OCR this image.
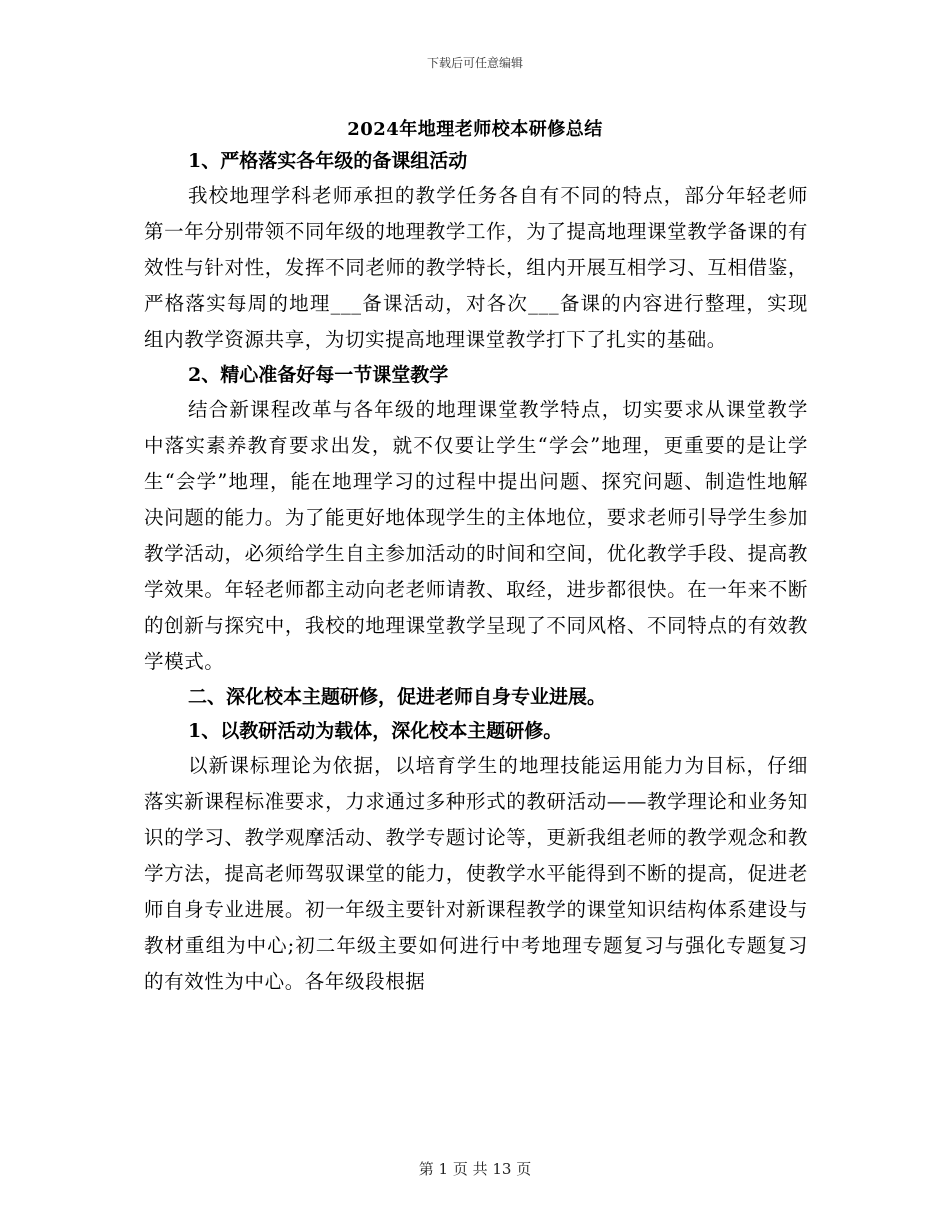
下载后可任意编辑
2024年地理老师校本研修总结

1、严格落实各年级的备课组活动

我校地理学科老师承担的教学任务各自有不同的特点，部分年轻老师第一年分别带领不同年级的地理教学工作，为了提高地理课堂教学备课的有效性与针对性，发挥不同老师的教学特长，组内开展互相学习、互相借鉴，严格落实每周的地理___备课活动，对各次___备课的内容进行整理，实现组内教学资源共享，为切实提高地理课堂教学打下了扎实的基础。

2、精心准备好每一节课堂教学

结合新课程改革与各年级的地理课堂教学特点，切实要求从课堂教学中落实素养教育要求出发，就不仅要让学生“学会”地理，更重要的是让学生“会学”地理，能在地理学习的过程中提出问题、探究问题、制造性地解决问题的能力。为了能更好地体现学生的主体地位，要求老师引导学生参加教学活动，必须给学生自主参加活动的时间和空间，优化教学手段、提高教学效果。年轻老师都主动向老老师请教、取经，进步都很快。在一年来不断的创新与探究中，我校的地理课堂教学呈现了不同风格、不同特点的有效教学模式。

二、深化校本主题研修，促进老师自身专业进展。

1、以教研活动为载体，深化校本主题研修。

以新课标理论为依据，以培育学生的地理技能运用能力为目标，仔细落实新课程标准要求，力求通过多种形式的教研活动——教学理论和业务知识的学习、教学观摩活动、教学专题讨论等，更新我组老师的教学观念和教学方法，提高老师驾驭课堂的能力，使教学水平能得到不断的提高，促进老师自身专业进展。初一年级主要针对新课程教学的课堂知识结构体系建设与教材重组为中心;初二年级主要如何进行中考地理专题复习与强化专题复习的有效性为中心。各年级段根据

第 1 页 共 13 页
